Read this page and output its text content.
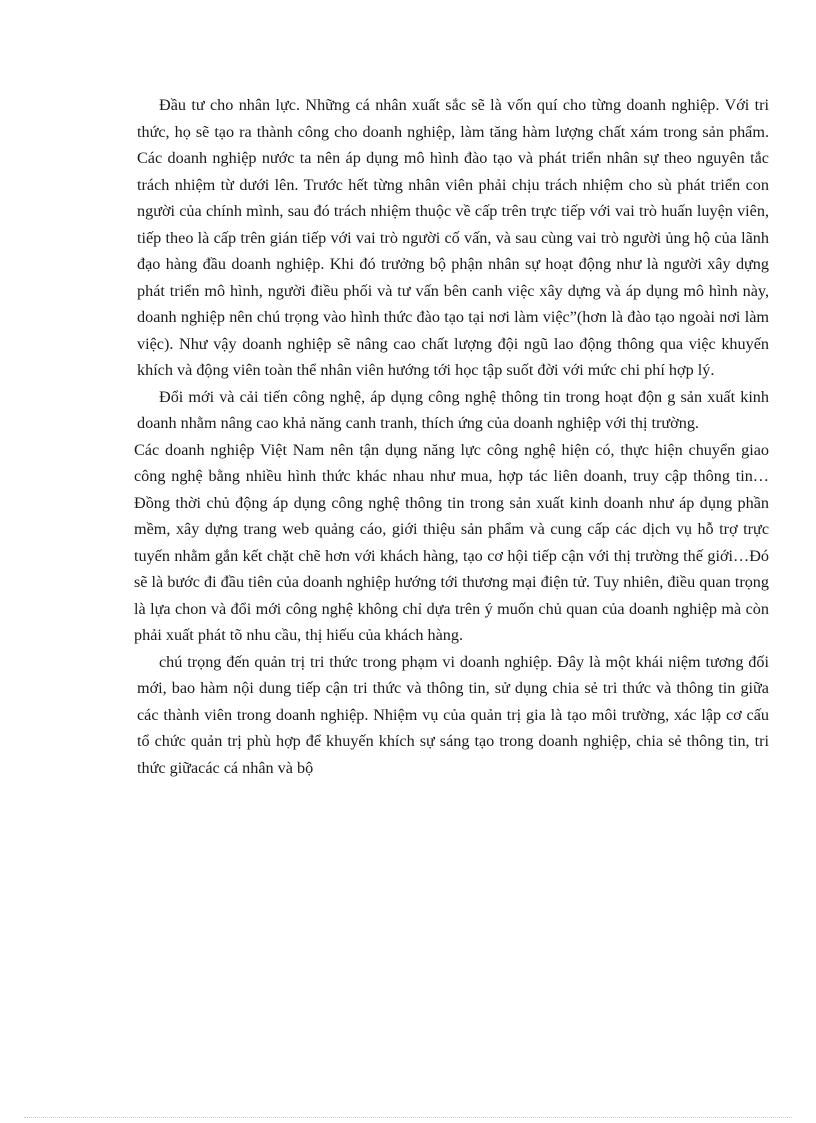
Đầu tư cho nhân lực. Những cá nhân xuất sắc sẽ là vốn quí cho từng doanh nghiệp. Với tri thức, họ sẽ tạo ra thành công cho doanh nghiệp, làm tăng hàm lượng chất xám trong sản phẩm. Các doanh nghiệp nước ta nên áp dụng mô hình đào tạo và phát triển nhân sự theo nguyên tắc trách nhiệm từ dưới lên. Trước hết từng nhân viên phải chịu trách nhiệm cho sù phát triển con người của chính mình, sau đó trách nhiệm thuộc về cấp trên trực tiếp với vai trò huấn luyện viên, tiếp theo là cấp trên gián tiếp với vai trò người cố vấn, và sau cùng vai trò người ủng hộ của lãnh đạo hàng đầu doanh nghiệp. Khi đó trưởng bộ phận nhân sự hoạt động như là người xây dựng phát triển mô hình, người điều phối và tư vấn bên canh việc xây dựng và áp dụng mô hình này, doanh nghiệp nên chú trọng vào hình thức đào tạo tại nơi làm việc”(hơn là đào tạo ngoài nơi làm việc). Như vậy doanh nghiệp sẽ nâng cao chất lượng đội ngũ lao động thông qua việc khuyến khích và động viên toàn thể nhân viên hướng tới học tập suốt đời với mức chi phí hợp lý.

Đổi mới và cải tiến công nghệ, áp dụng công nghệ thông tin trong hoạt độn g sản xuất kinh doanh nhằm nâng cao khả năng canh tranh, thích ứng của doanh nghiệp với thị trường.

Các doanh nghiệp Việt Nam nên tận dụng năng lực công nghệ hiện có, thực hiện chuyển giao công nghệ bằng nhiều hình thức khác nhau như mua, hợp tác liên doanh, truy cập thông tin…Đồng thời chủ động áp dụng công nghệ thông tin trong sản xuất kinh doanh như áp dụng phần mềm, xây dựng trang web quảng cáo, giới thiệu sản phẩm và cung cấp các dịch vụ hỗ trợ trực tuyến nhằm gắn kết chặt chẽ hơn với khách hàng, tạo cơ hội tiếp cận với thị trường thế giới…Đó sẽ là bước đi đầu tiên của doanh nghiệp hướng tới thương mại điện tử. Tuy nhiên, điều quan trọng là lựa chon và đổi mới công nghệ không chỉ dựa trên ý muốn chủ quan của doanh nghiệp mà còn phải xuất phát tõ nhu cầu, thị hiếu của khách hàng.

chú trọng đến quản trị tri thức trong phạm vi doanh nghiệp. Đây là một khái niệm tương đối mới, bao hàm nội dung tiếp cận tri thức và thông tin, sử dụng chia sẻ tri thức và thông tin giữa các thành viên trong doanh nghiệp. Nhiệm vụ của quản trị gia là tạo môi trường, xác lập cơ cấu tổ chức quản trị phù hợp để khuyến khích sự sáng tạo trong doanh nghiệp, chia sẻ thông tin, tri thức giữacác cá nhân và bộ
